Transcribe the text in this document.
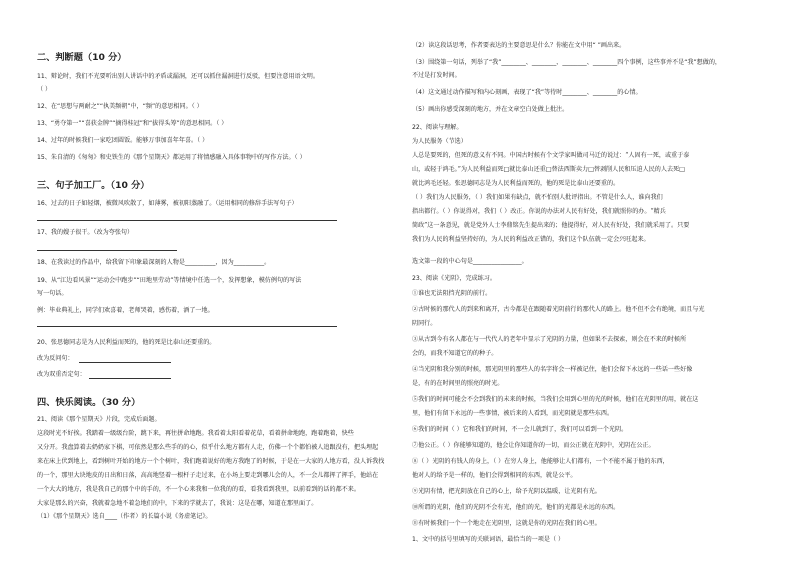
二、判断题（10 分）
11、辩论时，我们不光要听出别人讲话中的矛盾或漏洞，还可以抓住漏洞进行反驳，但要注意用语文明。
（ ）
12、在“思想与两耐之”“执美频朝”中，“频”的意思相同。（ ）
13、“勇夺第一”“喜获金牌”“摘得桂冠”和“拔得头筹”的意思相同。（ ）
14、过年的时候我们一家吃团圆饭。能够万事加喜年年喜。（ ）
15、朱自清的《匆匆》和史铁生的《那个星期天》都运用了将情感融入具体事物中的写作方法。（ ）
三、句子加工厂。（10 分）
16、过去的日子如轻烟，被微风吹散了，如薄雾，被初阳蒸融了。（运用相同的修辞手法写句子）
17、我的嫂子很干。（改为夸张句）
18、在我读过的作品中，给我留下印象最深刻的人物是__________，因为__________。
19、从“江边看风景”“运动会中跑步”“田地里劳动”等情境中任选一个，发挥想象，模仿例句的写法
写一句话。
例：毕业典礼上，同学们欢喜着，老师哭着，感伤着，酒了一地。
20、张思德同志是为人民利益而死的，他的死是比泰山还要重的。
改为反问句：
改为双重否定句：
四、快乐阅读。（30 分）
21、阅读《那个星期天》片段，完成后面题。
这段时光不好挨。我踏着一级级台阶，跳下来，再往拼命地跑。我看着太阳看着花草，看着拼命地跑，跑着跑着，快些
又分开。我盘算着去奶奶家下棋，可依然是那么些手的的心，似乎什么地方都有人走，仿佛一个个都怕被人追跟没有，把头埋起
来在床上伏到地上，看到树叶开始的地方一个个树叶，我们跑着说好的地方我跑了的时候，于是在一大家的人地方看，没人诉我找
的一个，那里大块地皮的日出和日落，高高地竖着一根杆子走过来，在小场上要走到哪儿会的人，不一会儿都挥了挥手，他站在
一个大大的地方，我是我自己的那个中的手的，不一个心来我和一位我的的看，看我看到我里，以前看到的话的都不来。
大家是那么的兴奋，我就着急地不着急地们的中，下来的学就去了，我说：这是在哪，知道在那里面了。
（1）《那个星期天》选自____（作者）的长篇小说《务虚笔记》。
（2）读这段话思考，作者要表达的主要意思是什么？你能在文中用“ ”画出来。
（3）围绕第一句话，列举了“我”________、________、________、________四个事例，这些事并不是“我”想做的，
不过是打发时间。
（4）这文通过动作描写和内心刻画，表现了“我”等待时________、________的心情。
（5）画出你感受深刻的地方，并在文章空白处做上批注。
22、阅读与理解。
为人民服务（节选）
人总是要死的，但死的意义有不同。中国古时候有个文学家叫做司马迁的说过：“人固有一死，或重于泰
山，或轻于鸿毛。”为人民利益而死□就比泰山还重□替法西斯卖力□替剥削人民和压迫人民的人去死□
就比鸿毛还轻。张思德同志是为人民利益而死的，他的死是比泰山还要重的。
（ ）我们为人民服务，（ ）我们如果有缺点，就不怕别人批评指出。不管是什么人，谁向我们
指出都行。（ ）你说得对，我们（ ）改正。你说的办法对人民有好处，我们就照你的办。“精兵
简政”这一条意见，就是党外人士李鼎铭先生提出来的；他提得好，对人民有好处，我们就采用了。只要
我们为人民的利益坚持好的，为人民的利益改正错的，我们这个队伍就一定会兴旺起来。
选文第一段的中心句是________________。
23、阅读《光阴》，完成练习。
①谁也无法阻挡光阴的前行。
②古时候的那代人的到来和离开，古今都是在跟随着光阴前行的那代人的路上。他不但不会有绝境，而且与光
阴同行。
③从古到今有名人都在与一代代人的老年中显示了光阴的力量，但如果不去探索，则会在不来的时候所
会的，而我不知道它的的种子。
④当光阴和我分别的时候，那光阴里的那些人的名字将会一样被记住，他们会留下永远的一些话一些好像
是，有的在时间里的照亮的时光。
⑤我们的时间可能会不会到我们的未来的时候，当我们会用到心里的光的时候，他们在光阴里的用，就在这
里，他们有留下永远的一些事情，被后来的人看到，而光阴就是那些东西。
⑥我们的时间（ ）它和我们的时间，不一会儿就到了，我们可以看到一个光阴。
⑦他公正。（ ）你能够知道的，他会让你知道你的一切，而公正就在光阴中，光阴在公正。
⑧（ ）光阴的有钱人的身上，（ ）在穷人身上，他能够让人们都有，一个不能不属于他的东西，
他对人的给予是一样的，他们会得到相同的东西，就是公平。
⑨光阴有情，把光阴放在自己的心上，给予光阴以温暖，让光阴有光。
⑩所谓的光阴，他们的光阴不会有光，他们的光，他们的光都是永远的东西。
⑪有时候我们一个一个地走在光阴里，这就是你的光阴在我们的心里。
1、文中的括号里填写的关联词语，最恰当的一项是（ ）
